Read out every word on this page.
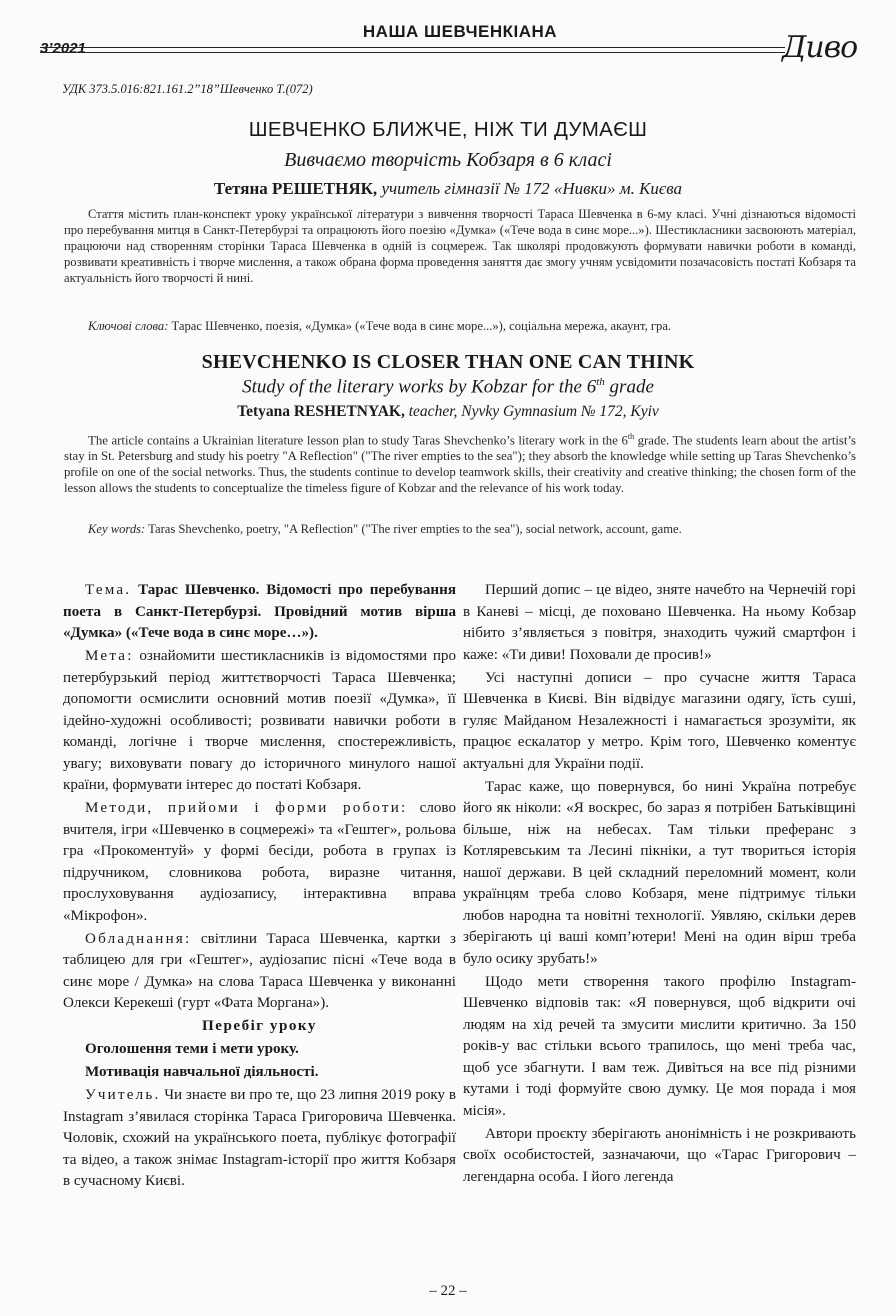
3’2021
НАША ШЕВЧЕНКІАНА	Дивo
УДК 373.5.016:821.161.2”18”Шевченко Т.(072)
ШЕВЧЕНКО БЛИЖЧЕ, НІЖ ТИ ДУМАЄШ
Вивчаємо творчість Кобзаря в 6 класі
Тетяна РЕШЕТНЯК, учитель гімназії № 172 «Нивки» м. Києва
Стаття містить план-конспект уроку української літератури з вивчення творчості Тараса Шевченка в 6-му класі. Учні дізнаються відомості про перебування митця в Санкт-Петербурзі та опрацюють його поезію «Думка» («Тече вода в синє море...»). Шестикласники засвоюють матеріал, працюючи над створенням сторінки Тараса Шевченка в одній із соцмереж. Так школярі продовжують формувати навички роботи в команді, розвивати креативність і творче мислення, а також обрана форма проведення заняття дає змогу учням усвідомити позачасовість постаті Кобзаря та актуальність його творчості й нині.
Ключові слова: Тарас Шевченко, поезія, «Думка» («Тече вода в синє море...»), соціальна мережа, акаунт, гра.
SHEVCHENKO IS CLOSER THAN ONE CAN THINK
Study of the literary works by Kobzar for the 6th grade
Tetyana RESHETNYAK, teacher, Nyvky Gymnasium № 172, Kyiv
The article contains a Ukrainian literature lesson plan to study Taras Shevchenko’s literary work in the 6th grade. The students learn about the artist’s stay in St. Petersburg and study his poetry "A Reflection" ("The river empties to the sea"); they absorb the knowledge while setting up Taras Shevchenko’s profile on one of the social networks. Thus, the students continue to develop teamwork skills, their creativity and creative thinking; the chosen form of the lesson allows the students to conceptualize the timeless figure of Kobzar and the relevance of his work today.
Key words: Taras Shevchenko, poetry, "A Reflection" ("The river empties to the sea"), social network, account, game.

Тема. Тарас Шевченко. Відомості про перебування поета в Санкт-Петербурзі. Провідний мотив вірша «Думка» («Тече вода в синє море…»).

Мета: ознайомити шестикласників із відомостями про петербурзький період життєтворчості Тараса Шевченка; допомогти осмислити основний мотив поезії «Думка», її ідейно-художні особливості; розвивати навички роботи в команді, логічне і творче мислення, спостережливість, увагу; виховувати повагу до історичного минулого нашої країни, формувати інтерес до постаті Кобзаря.

Методи, прийоми і форми роботи: слово вчителя, ігри «Шевченко в соцмережі» та «Гештег», рольова гра «Прокоментуй» у формі бесіди, робота в групах із підручником, словникова робота, виразне читання, прослуховування аудіозапису, інтерактивна вправа «Мікрофон».

Обладнання: світлини Тараса Шевченка, картки з таблицею для гри «Гештег», аудіозапис пісні «Тече вода в синє море / Думка» на слова Тараса Шевченка у виконанні Олекси Керекеші (гурт «Фата Моргана»).

Перебіг уроку

Оголошення теми і мети уроку.

Мотивація навчальної діяльності.

Учитель. Чи знаєте ви про те, що 23 липня 2019 року в Instagram з’явилася сторінка Тараса Григоровича Шевченка. Чоловік, схожий на українського поета, публікує фотографії та відео, а також знімає Instagram-історії про життя Кобзаря в сучасному Києві.

Перший допис – це відео, зняте начебто на Чернечій горі в Каневі – місці, де поховано Шевченка. На ньому Кобзар нібито з’являється з повітря, знаходить чужий смартфон і каже: «Ти диви! Поховали де просив!»

Усі наступні дописи – про сучасне життя Тараса Шевченка в Києві. Він відвідує магазини одягу, їсть суші, гуляє Майданом Незалежності і намагається зрозуміти, як працює ескалатор у метро. Крім того, Шевченко коментує актуальні для України події.

Тарас каже, що повернувся, бо нині Україна потребує його як ніколи: «Я воскрес, бо зараз я потрібен Батьківщині більше, ніж на небесах. Там тільки преферанс з Котляревським та Лесині пікніки, а тут твориться історія нашої держави. В цей складний переломний момент, коли українцям треба слово Кобзаря, мене підтримує тільки любов народна та новітні технології. Уявляю, скільки дерев зберігають ці ваші комп’ютери! Мені на один вірш треба було осику зрубать!»

Щодо мети створення такого профілю Instagram-Шевченко відповів так: «Я повернувся, щоб відкрити очі людям на хід речей та змусити мислити критично. За 150 років-у вас стільки всього трапилось, що мені треба час, щоб усе збагнути. І вам теж. Дивіться на все під різними кутами і тоді формуйте свою думку. Це моя порада і моя місія».

Автори проєкту зберігають анонімність і не розкривають своїх особистостей, зазначаючи, що «Тарас Григорович – легендарна особа. І його легенда

– 22 –
